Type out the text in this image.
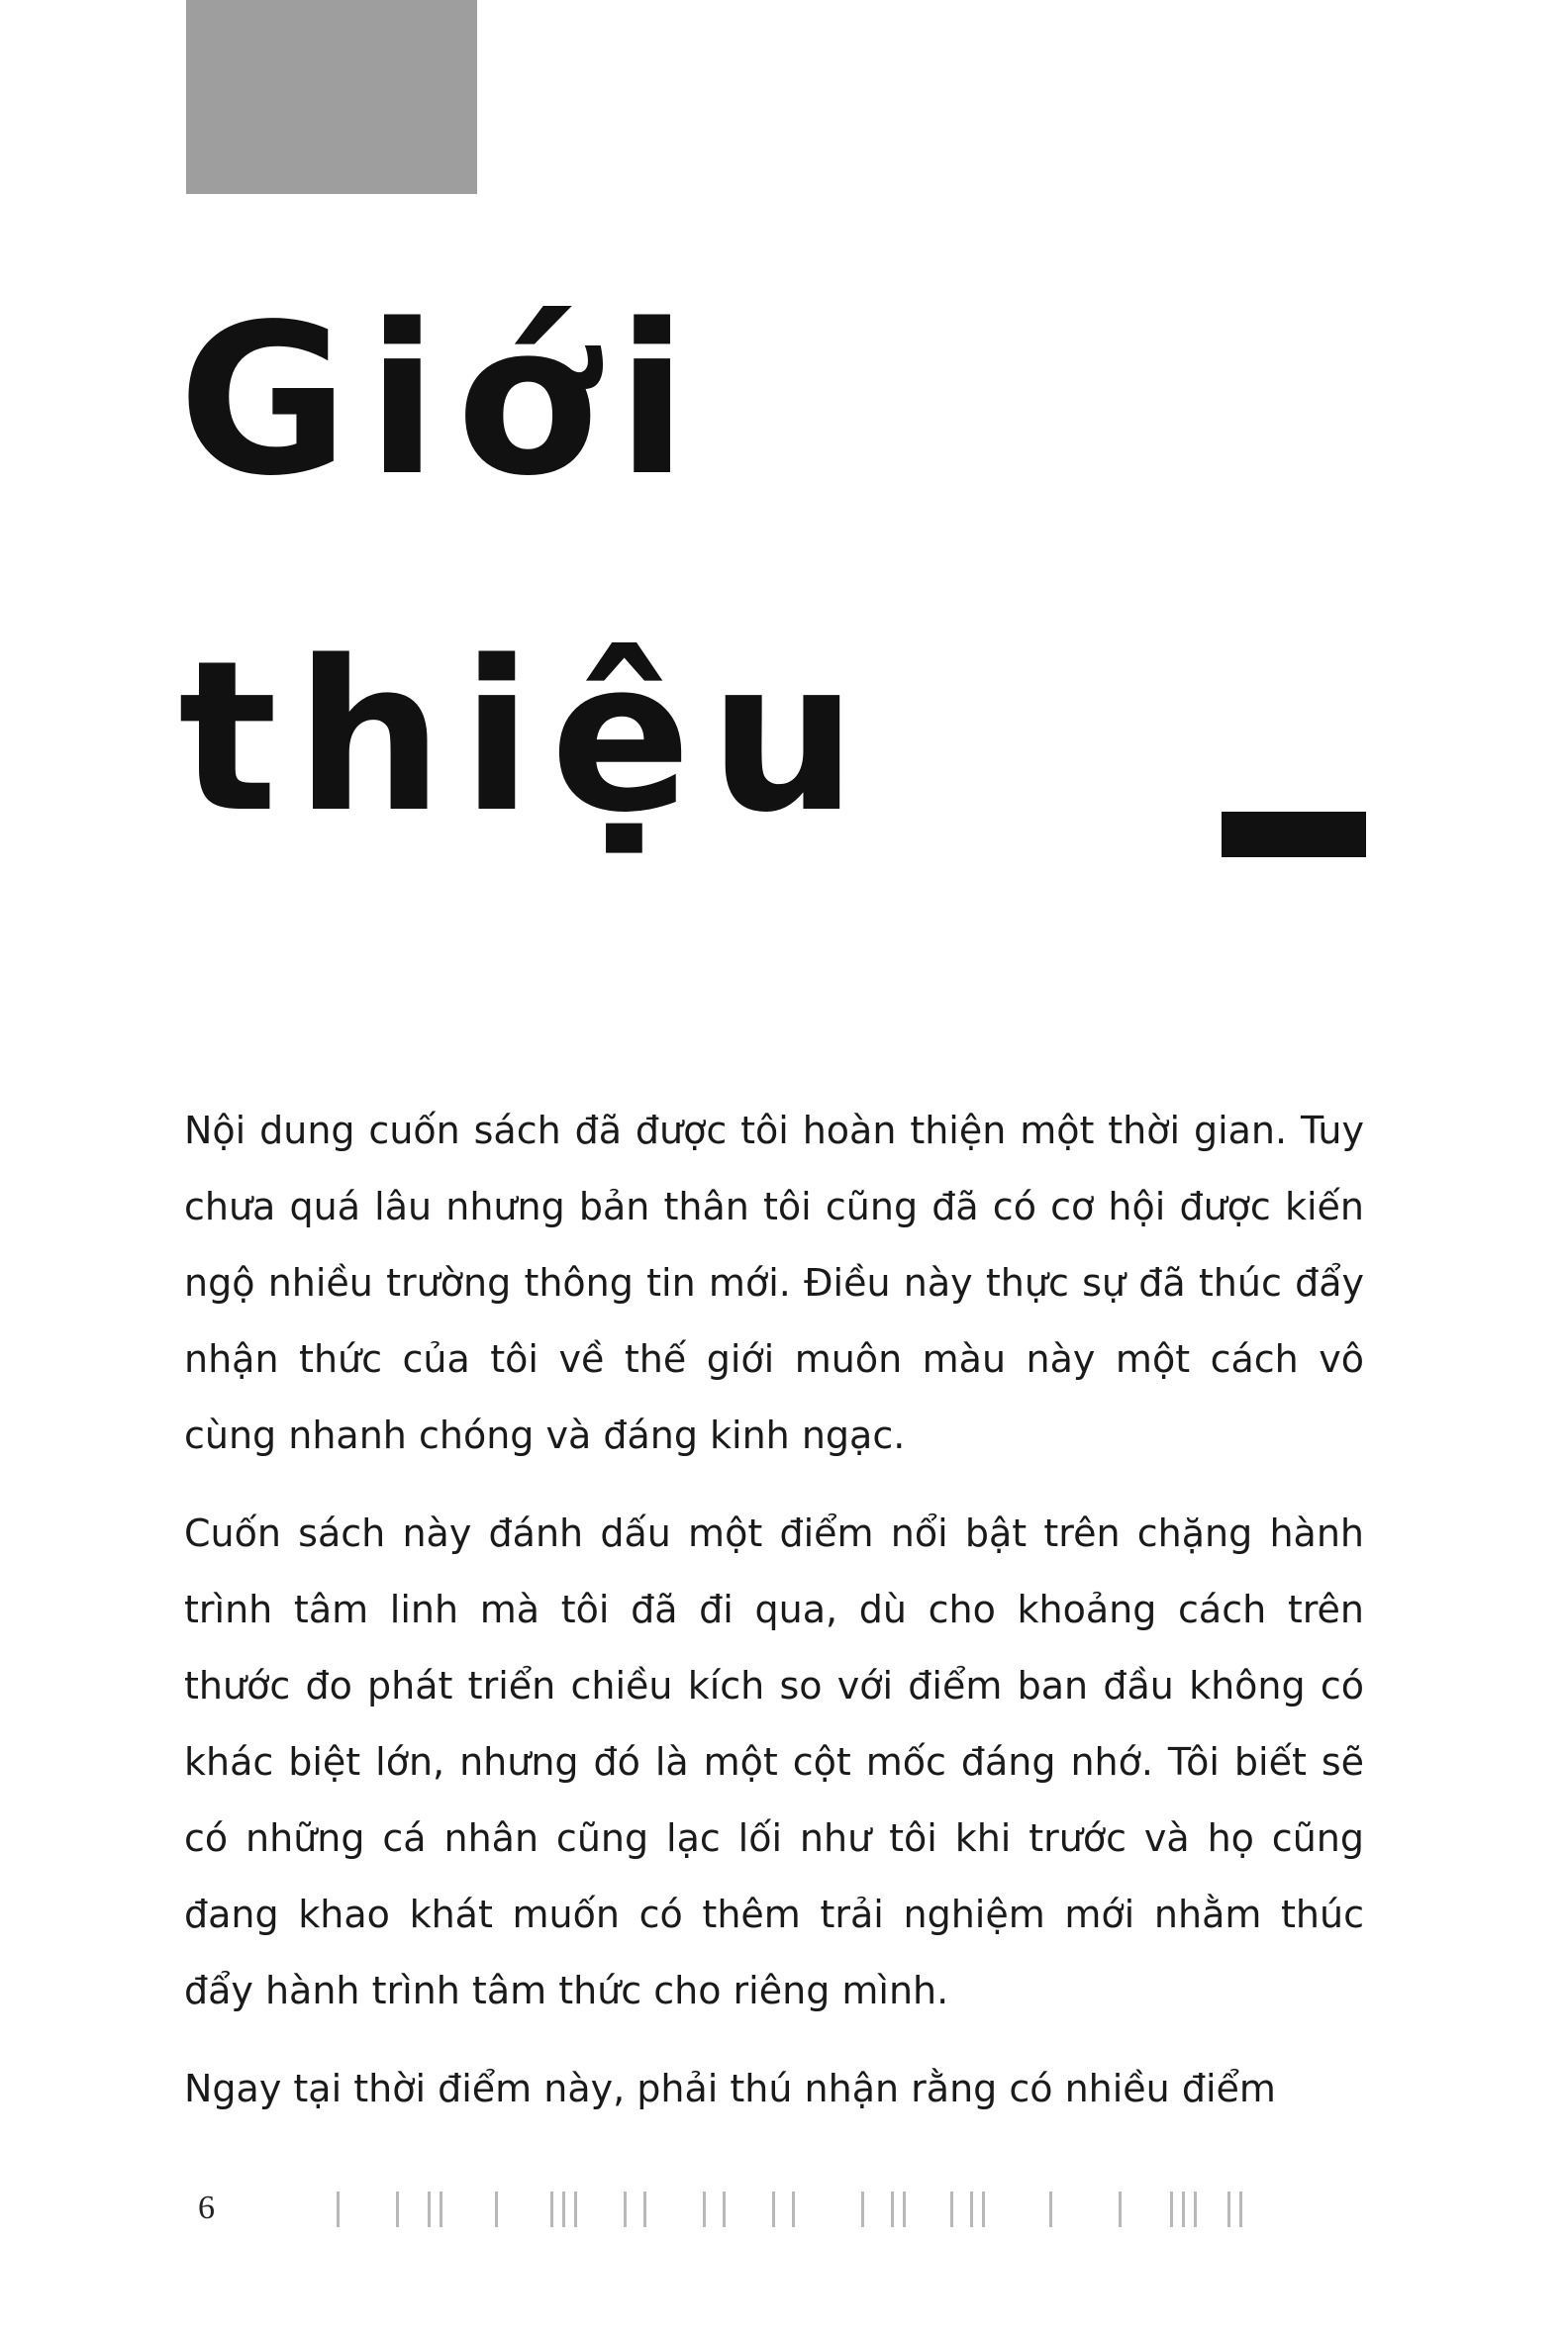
Giới
thiệu

Nội dung cuốn sách đã được tôi hoàn thiện một thời gian. Tuy chưa quá lâu nhưng bản thân tôi cũng đã có cơ hội được kiến ngộ nhiều trường thông tin mới. Điều này thực sự đã thúc đẩy nhận thức của tôi về thế giới muôn màu này một cách vô cùng nhanh chóng và đáng kinh ngạc.

Cuốn sách này đánh dấu một điểm nổi bật trên chặng hành trình tâm linh mà tôi đã đi qua, dù cho khoảng cách trên thước đo phát triển chiều kích so với điểm ban đầu không có khác biệt lớn, nhưng đó là một cột mốc đáng nhớ. Tôi biết sẽ có những cá nhân cũng lạc lối như tôi khi trước và họ cũng đang khao khát muốn có thêm trải nghiệm mới nhằm thúc đẩy hành trình tâm thức cho riêng mình.

Ngay tại thời điểm này, phải thú nhận rằng có nhiều điểm

6
